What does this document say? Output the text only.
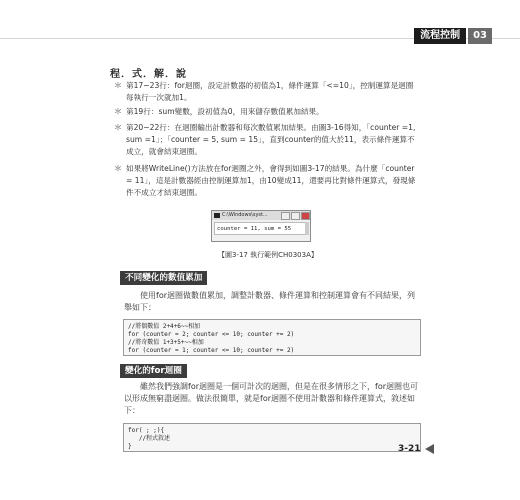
流程控制	03
程．式．解．說
＊ 第17~23行：for迴圈，設定計數器的初值為1，條件運算「<=10」，控制運算是迴圈每執行一次就加1。
＊ 第19行：sum變數，設初值為0，用來儲存數值累加結果。
＊ 第20~22行：在迴圈輸出計數器和每次數值累加結果。由圖3-16得知，「counter =1, sum =1」；「counter = 5, sum = 15」，直到counter的值大於11，表示條件運算不成立，就會結束迴圈。
＊ 如果將WriteLine()方法放在for迴圈之外，會得到如圖3-17的結果。為什麼「counter = 11」，這是計數器經由控制運算加1，由10變成11，還要再比對條件運算式，發現條件不成立才結束迴圈。
C:\Windows\syst...
counter = 11, sum = 55
【圖3-17 執行範例CH0303A】
不同變化的數值累加
使用for迴圈做數值累加，調整計數器、條件運算和控制運算會有不同結果，列舉如下：
//將偶數值 2+4+6~~相加
for (counter = 2; counter <= 10; counter += 2)
//將奇數值 1+3+5+~~相加
for (counter = 1; counter <= 10; counter += 2)
變化的for迴圈
雖然我們強調for迴圈是一個可計次的迴圈，但是在很多情形之下，for迴圈也可以形成無窮盡迴圈。做法很簡單，就是for迴圈不使用計數器和條件運算式，敘述如下：
for( ; ;){
//程式敘述
}	3-21
